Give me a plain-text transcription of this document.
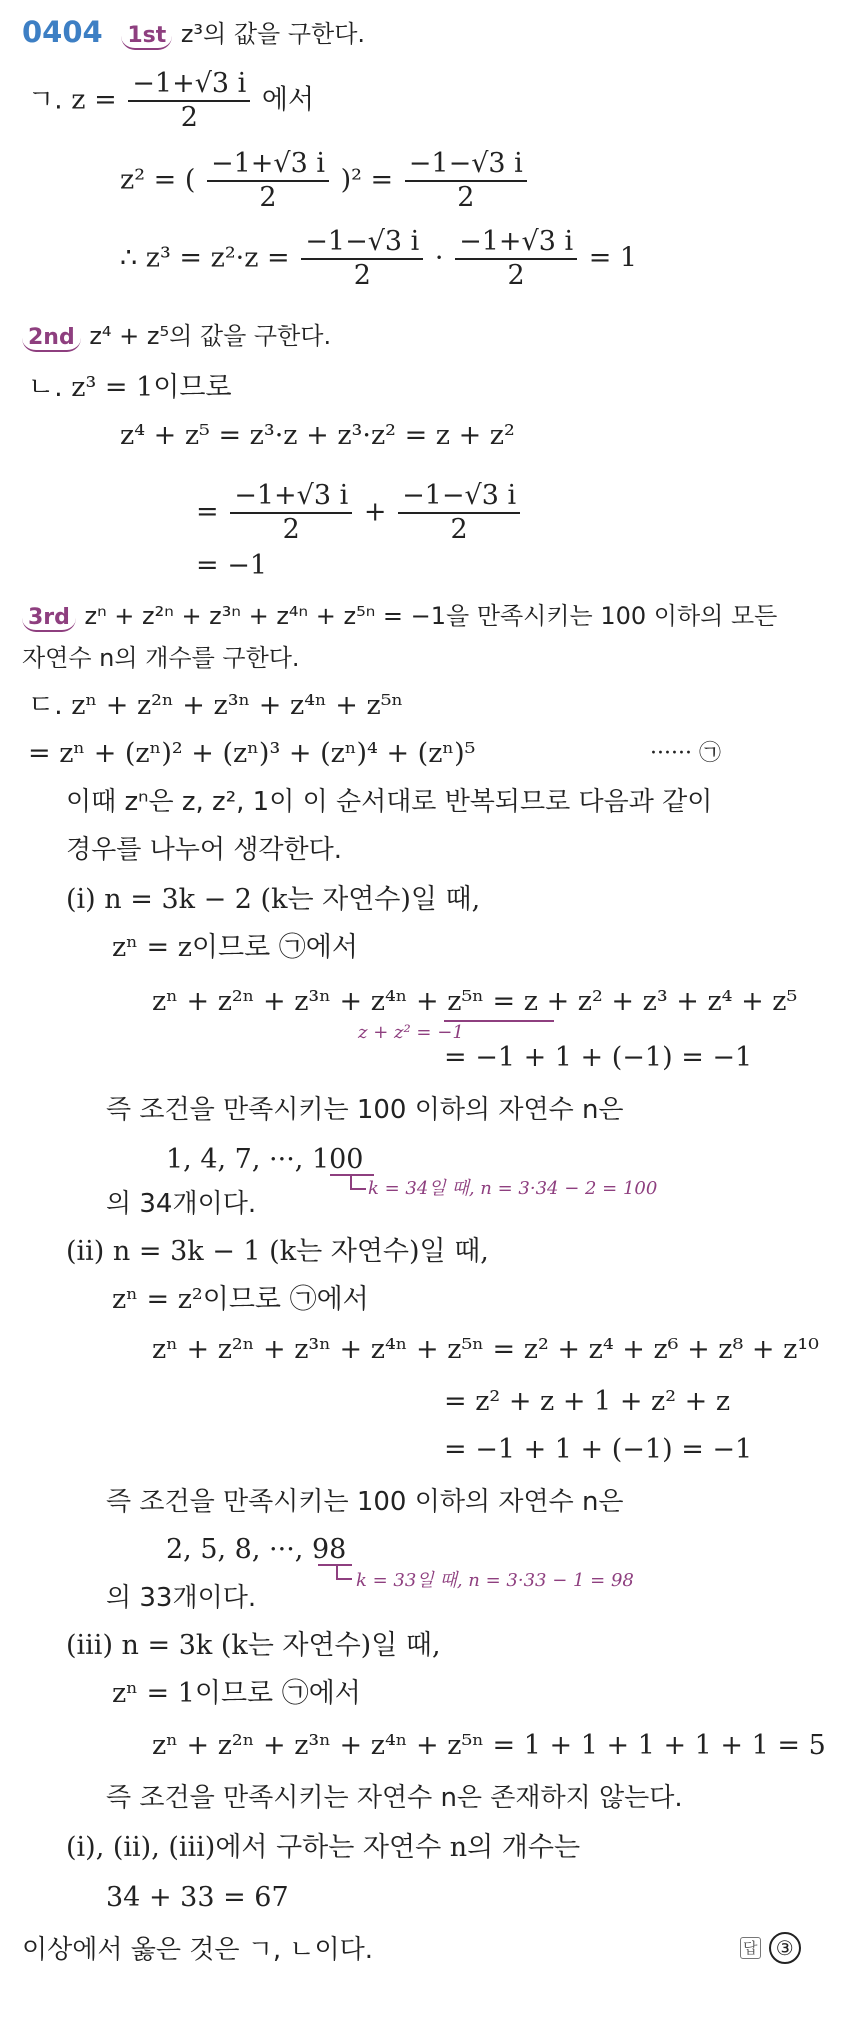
0404 1st z³의 값을 구한다.
ㄱ. $z = \frac{-1+√3 i}{2}$ 에서
z² = ( $\frac{-1+√3 i}{2} )^2 = \frac{-1-√3 i}{2}$
∴ $z^3 = z^2\cdot z = \frac{-1-√3 i}{2} \cdot \frac{-1+√3 i}{2} = 1$
2nd z⁴ + z⁵의 값을 구한다.
ㄴ. z³ = 1이므로
z⁴ + z⁵ = z³·z + z³·z² = z + z²
= $\frac{-1+√3 i}{2} + \frac{-1-√3 i}{2}$
= −1
3rd zⁿ + z²ⁿ + z³ⁿ + z⁴ⁿ + z⁵ⁿ = −1을 만족시키는 100 이하의 모든
자연수 n의 개수를 구한다.
ㄷ. zⁿ + z²ⁿ + z³ⁿ + z⁴ⁿ + z⁵ⁿ
= zⁿ + (zⁿ)² + (zⁿ)³ + (zⁿ)⁴ + (zⁿ)⁵	······ ㉠
이때 zⁿ은 z, z², 1이 이 순서대로 반복되므로 다음과 같이
경우를 나누어 생각한다.
(ⅰ) n = 3k − 2 (k는 자연수)일 때,
zⁿ = z이므로 ㉠에서
zⁿ + z²ⁿ + z³ⁿ + z⁴ⁿ + z⁵ⁿ = z + z² + z³ + z⁴ + z⁵
z + z² = −1
= −1 + 1 + (−1) = −1
즉 조건을 만족시키는 100 이하의 자연수 n은
1, 4, 7, ···, 100
k = 34일 때, n = 3·34 − 2 = 100
의 34개이다.
(ⅱ) n = 3k − 1 (k는 자연수)일 때,
zⁿ = z²이므로 ㉠에서
zⁿ + z²ⁿ + z³ⁿ + z⁴ⁿ + z⁵ⁿ = z² + z⁴ + z⁶ + z⁸ + z¹⁰
= z² + z + 1 + z² + z
= −1 + 1 + (−1) = −1
즉 조건을 만족시키는 100 이하의 자연수 n은
2, 5, 8, ···, 98
k = 33일 때, n = 3·33 − 1 = 98
의 33개이다.
(ⅲ) n = 3k (k는 자연수)일 때,
zⁿ = 1이므로 ㉠에서
zⁿ + z²ⁿ + z³ⁿ + z⁴ⁿ + z⁵ⁿ = 1 + 1 + 1 + 1 + 1 = 5
즉 조건을 만족시키는 자연수 n은 존재하지 않는다.
(ⅰ), (ⅱ), (ⅲ)에서 구하는 자연수 n의 개수는
34 + 33 = 67
이상에서 옳은 것은 ㄱ, ㄴ이다.	답 ③
